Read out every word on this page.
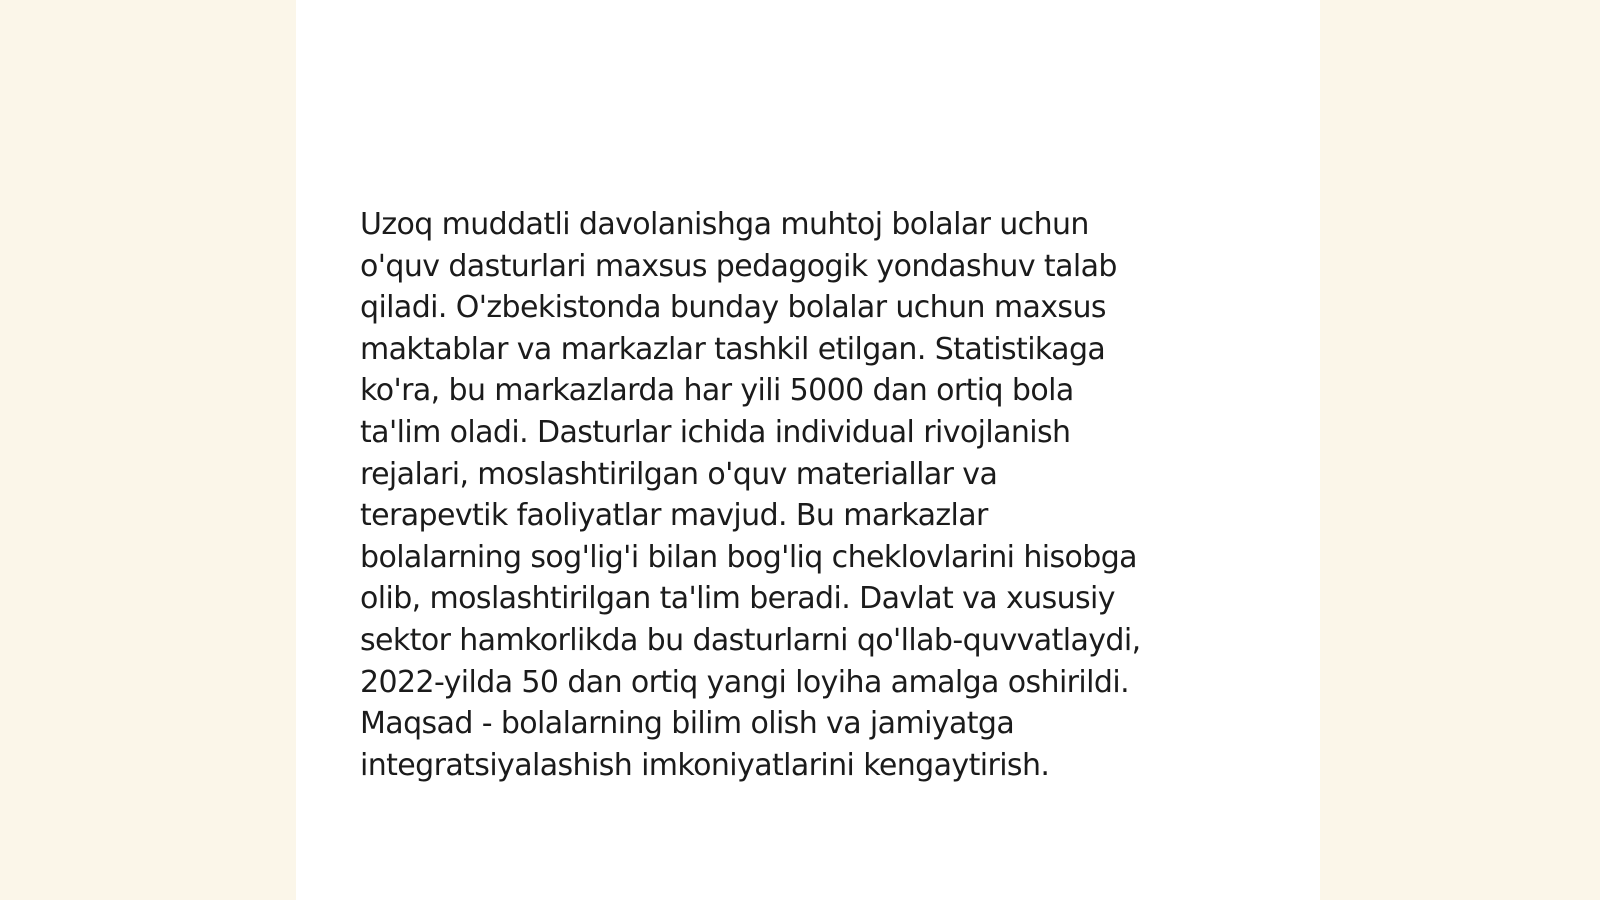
Uzoq muddatli davolanishga muhtoj bolalar uchun
o'quv dasturlari maxsus pedagogik yondashuv talab
qiladi. O'zbekistonda bunday bolalar uchun maxsus
maktablar va markazlar tashkil etilgan. Statistikaga
ko'ra, bu markazlarda har yili 5000 dan ortiq bola
ta'lim oladi. Dasturlar ichida individual rivojlanish
rejalari, moslashtirilgan o'quv materiallar va
terapevtik faoliyatlar mavjud. Bu markazlar
bolalarning sog'lig'i bilan bog'liq cheklovlarini hisobga
olib, moslashtirilgan ta'lim beradi. Davlat va xususiy
sektor hamkorlikda bu dasturlarni qo'llab-quvvatlaydi,
2022-yilda 50 dan ortiq yangi loyiha amalga oshirildi.
Maqsad - bolalarning bilim olish va jamiyatga
integratsiyalashish imkoniyatlarini kengaytirish.
